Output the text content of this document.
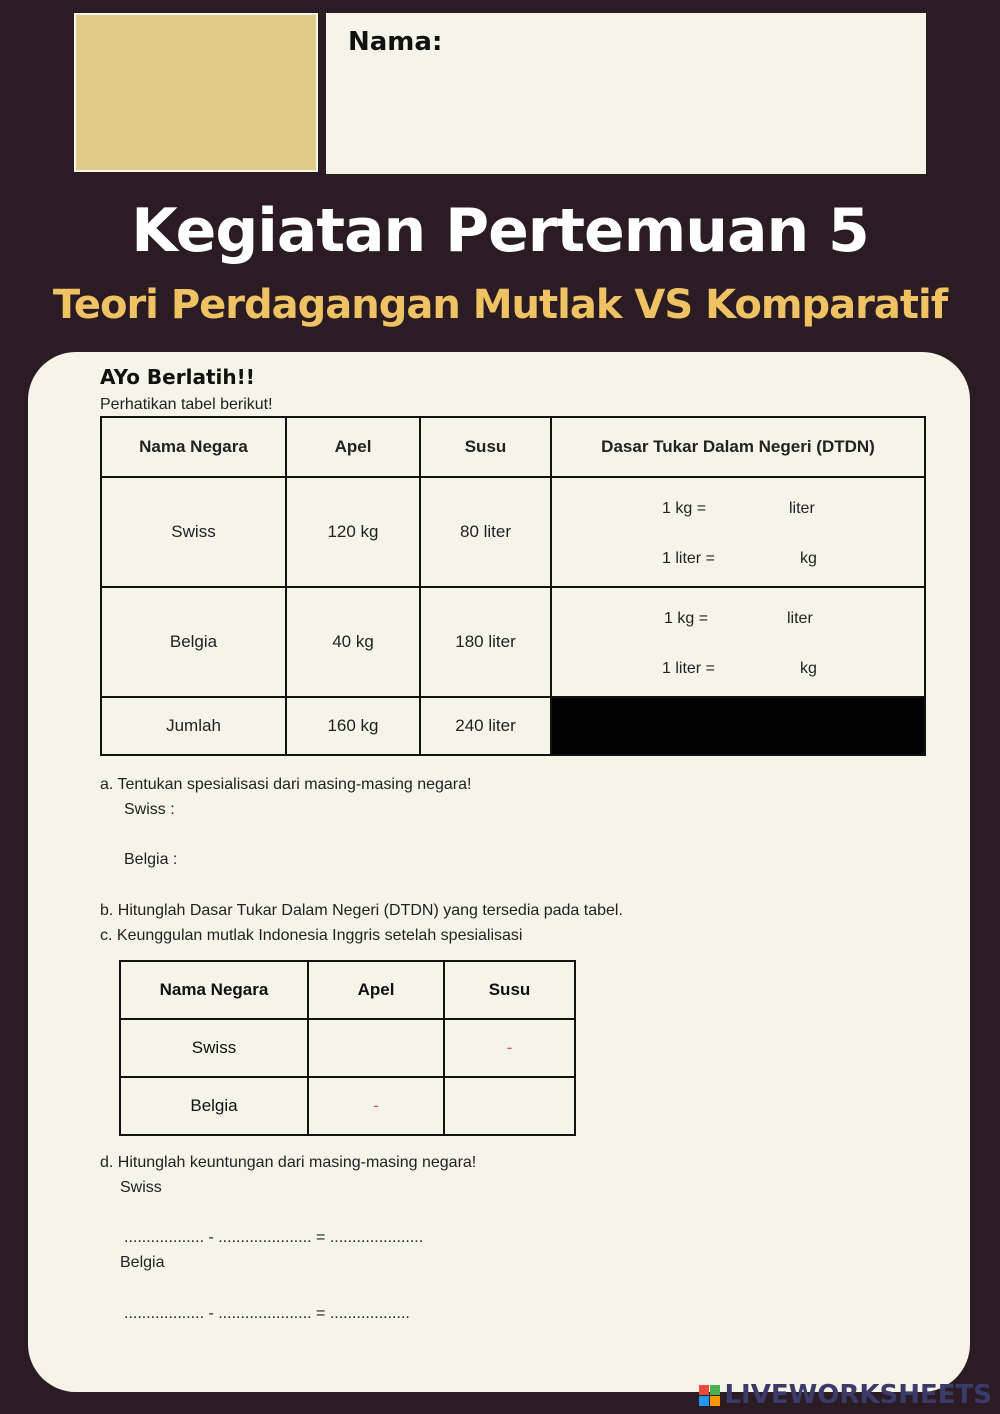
Nama:
Kegiatan Pertemuan 5
Teori Perdagangan Mutlak VS Komparatif
AYo Berlatih!!
Perhatikan tabel berikut!
Nama Negara	Apel	Susu	Dasar Tukar Dalam Negeri (DTDN)
Swiss	120 kg	80 liter	1 kg = liter
1 liter = kg

Belgia	40 kg	180 liter	1 kg = liter
1 liter = kg

Jumlah	160 kg	240 liter	
a. Tentukan spesialisasi dari masing-masing negara!
Swiss :
Belgia :
b. Hitunglah Dasar Tukar Dalam Negeri (DTDN) yang tersedia pada tabel.
c. Keunggulan mutlak Indonesia Inggris setelah spesialisasi
Nama Negara	Apel	Susu
Swiss		-
Belgia	-	
d. Hitunglah keuntungan dari masing-masing negara!
Swiss
.................. - ..................... = .....................
Belgia
.................. - ..................... = ..................
LIVEWORKSHEETS
